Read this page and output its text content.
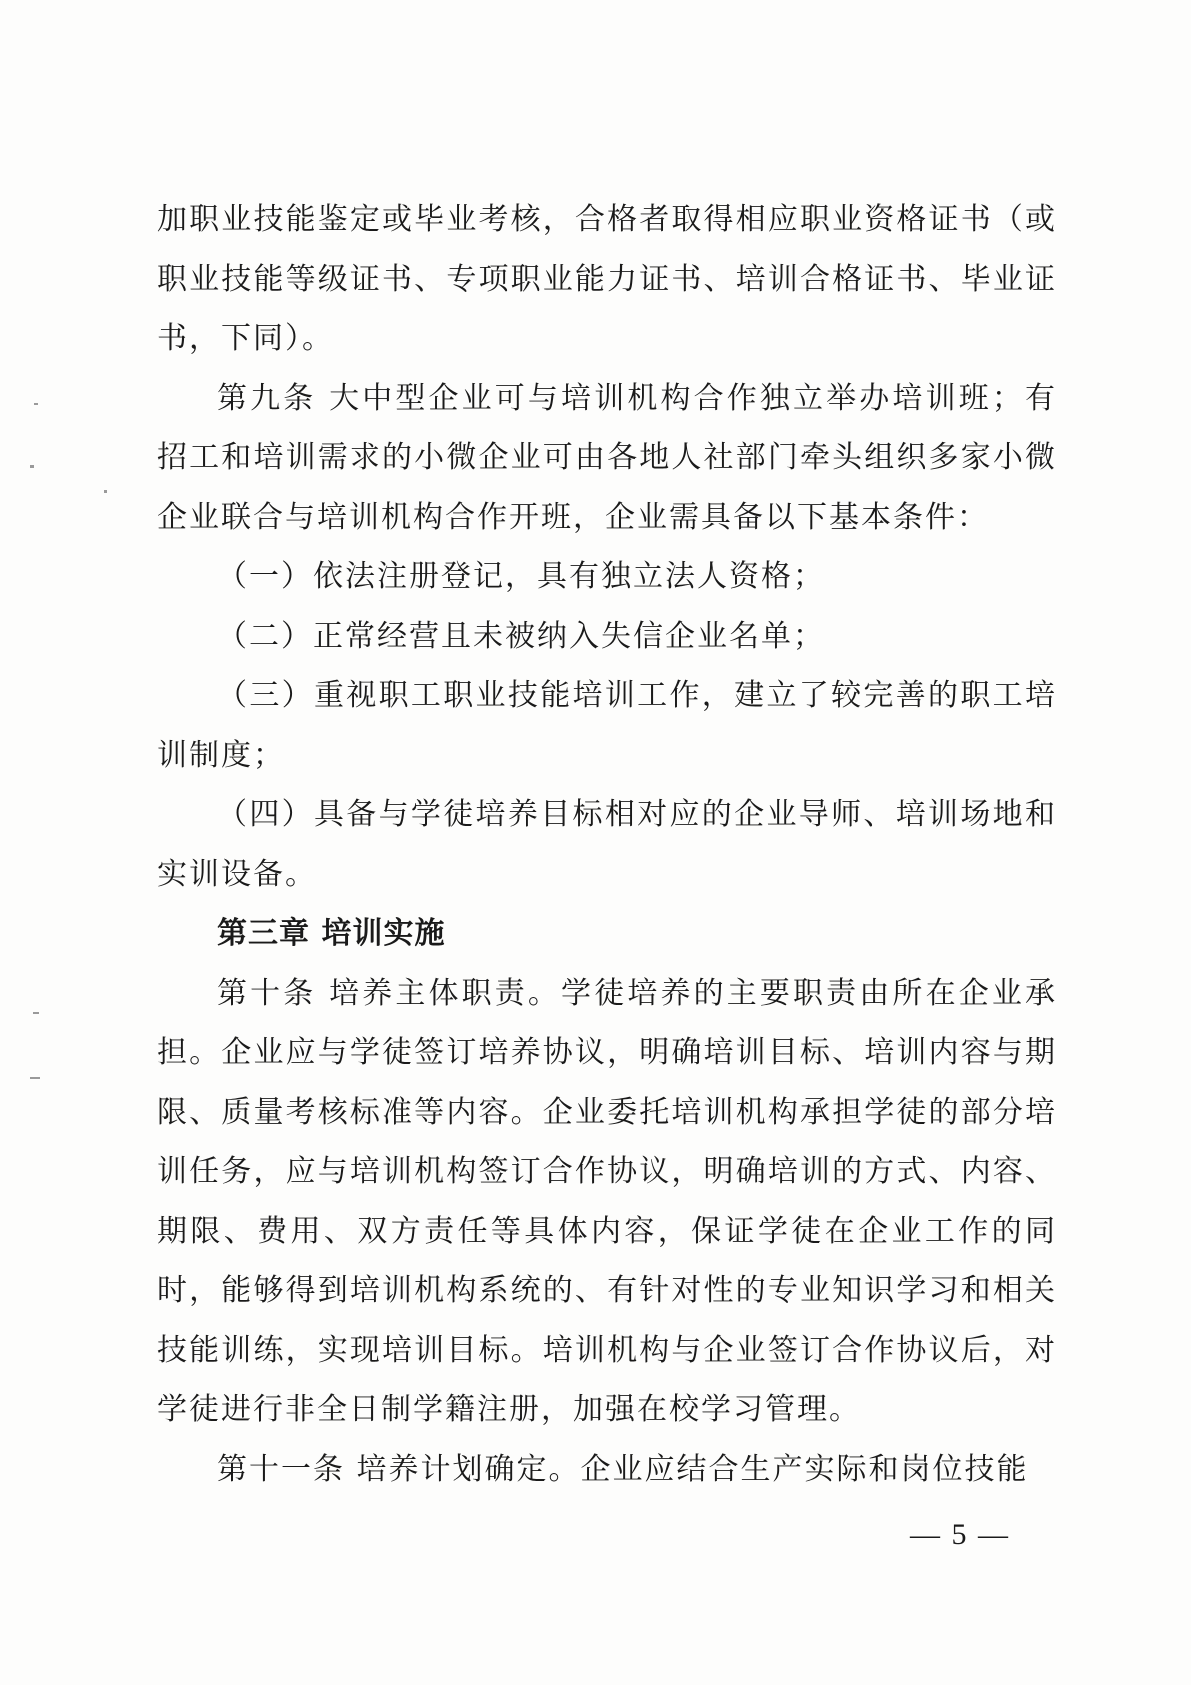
加职业技能鉴定或毕业考核，合格者取得相应职业资格证书（或职业技能等级证书、专项职业能力证书、培训合格证书、毕业证书，下同）。

第九条 大中型企业可与培训机构合作独立举办培训班；有招工和培训需求的小微企业可由各地人社部门牵头组织多家小微企业联合与培训机构合作开班，企业需具备以下基本条件：

（一）依法注册登记，具有独立法人资格；

（二）正常经营且未被纳入失信企业名单；

（三）重视职工职业技能培训工作，建立了较完善的职工培训制度；

（四）具备与学徒培养目标相对应的企业导师、培训场地和实训设备。

第三章 培训实施

第十条 培养主体职责。学徒培养的主要职责由所在企业承担。企业应与学徒签订培养协议，明确培训目标、培训内容与期限、质量考核标准等内容。企业委托培训机构承担学徒的部分培训任务，应与培训机构签订合作协议，明确培训的方式、内容、期限、费用、双方责任等具体内容，保证学徒在企业工作的同时，能够得到培训机构系统的、有针对性的专业知识学习和相关技能训练，实现培训目标。培训机构与企业签订合作协议后，对学徒进行非全日制学籍注册，加强在校学习管理。

第十一条 培养计划确定。企业应结合生产实际和岗位技能

— 5 —
